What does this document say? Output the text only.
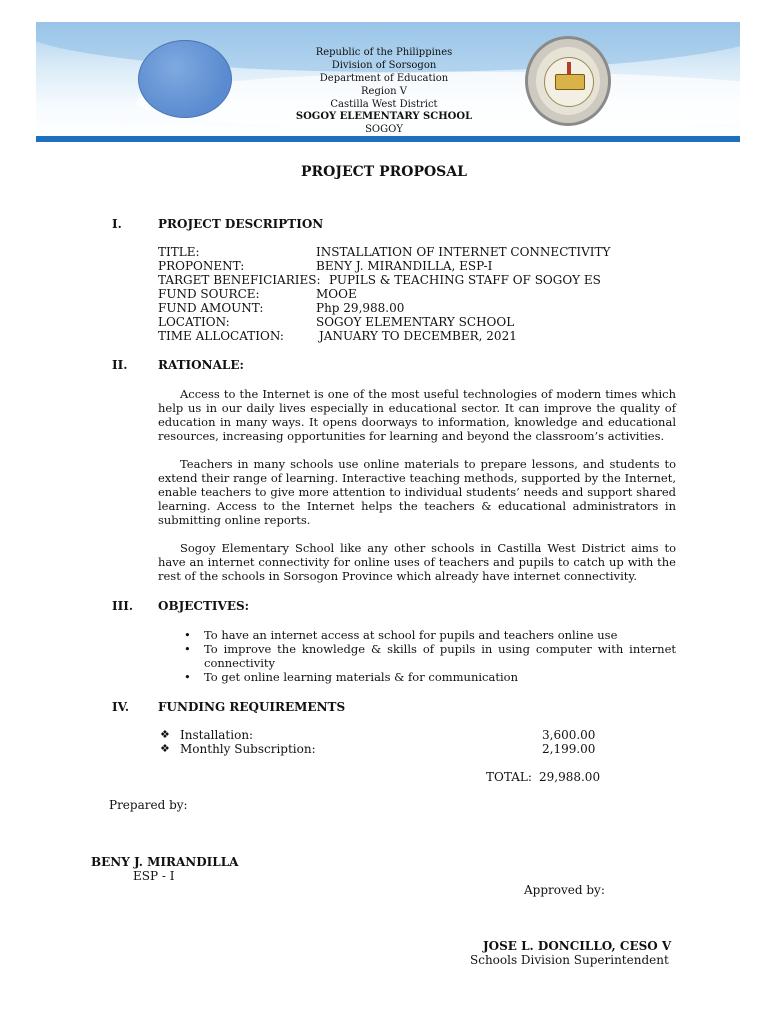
Republic of the Philippines
Division of Sorsogon
Department of Education
Region V
Castilla West District
SOGOY ELEMENTARY SCHOOL
SOGOY
PROJECT PROPOSAL
I.	PROJECT DESCRIPTION
TITLE:	INSTALLATION OF INTERNET CONNECTIVITY
PROPONENT:	BENY J. MIRANDILLA, ESP-I
TARGET BENEFICIARIES: PUPILS & TEACHING STAFF OF SOGOY ES
FUND SOURCE:	MOOE
FUND AMOUNT:	Php 29,988.00
LOCATION:	SOGOY ELEMENTARY SCHOOL
TIME ALLOCATION:	JANUARY TO DECEMBER, 2021
II.	RATIONALE:

Access to the Internet is one of the most useful technologies of modern times which help us in our daily lives especially in educational sector. It can improve the quality of education in many ways. It opens doorways to information, knowledge and educational resources, increasing opportunities for learning and beyond the classroom’s activities.

Teachers in many schools use online materials to prepare lessons, and students to extend their range of learning. Interactive teaching methods, supported by the Internet, enable teachers to give more attention to individual students’ needs and support shared learning. Access to the Internet helps the teachers & educational administrators in submitting online reports.

Sogoy Elementary School like any other schools in Castilla West District aims to have an internet connectivity for online uses of teachers and pupils to catch up with the rest of the schools in Sorsogon Province which already have internet connectivity.

III. OBJECTIVES:
• To have an internet access at school for pupils and teachers online use
• To improve the knowledge & skills of pupils in using computer with internet connectivity
• To get online learning materials & for communication
IV. FUNDING REQUIREMENTS
❖ Installation:	3,600.00
❖ Monthly Subscription:	2,199.00
TOTAL: 29,988.00
Prepared by:
BENY J. MIRANDILLA
ESP - I
Approved by:
JOSE L. DONCILLO, CESO V
Schools Division Superintendent
